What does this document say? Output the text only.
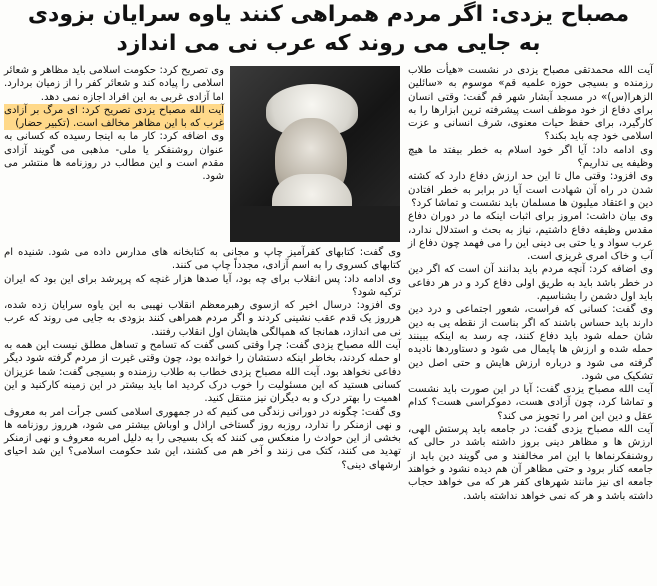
مصباح یزدی: اگر مردم همراهی کنند یاوه سرایان بزودی
به جایی می روند که عرب نی می اندازد

آیت الله محمدتقی مصباح یزدی در نشست «هیأت طلاب رزمنده و بسیجی حوزه علمیه قم» موسوم به «سائلین الزهرا(س)» در مسجد آبشار شهر قم گفت: وقتی انسان برای دفاع از خود موظف است پیشرفته ترین ابزارها را به کارگیرد، برای حفظ حیات معنوی، شرف انسانی و عزت اسلامی خود چه باید بکند؟

وی ادامه داد: آیا اگر خود اسلام به خطر بیفتد ما هیچ وظیفه یی نداریم؟

وی افزود: وقتی مال تا این حد ارزش دفاع دارد که کشته شدن در راه آن شهادت است آیا در برابر به خطر افتادن دین و اعتقاد میلیون ها مسلمان باید نشست و تماشا کرد؟

وی بیان داشت: امروز برای اثبات اینکه ما در دوران دفاع مقدس وظیفه دفاع داشتیم، نیاز به بحث و استدلال ندارد، عرب سواد و یا حتی بی دینی این را می فهمد چون دفاع از آب و خاک امری غریزی است.

وی اضافه کرد: آنچه مردم باید بدانند آن است که اگر دین در خطر باشد باید به طریق اولی دفاع کرد و در هر دفاعی باید اول دشمن را بشناسیم.

وی گفت: کسانی که فراست، شعور اجتماعی و درد دین دارند باید حساس باشند که اگر بناست از نقطه یی به دین شان حمله شود باید دفاع کنند، چه رسد به اینکه ببینند حمله شده و ارزش ها پایمال می شود و دستاوردها نادیده گرفته می شود و درباره ارزش هایش و حتی اصل دین تشکیک می شود.

آیت الله مصباح یزدی گفت: آیا در این صورت باید نشست و تماشا کرد، چون آزادی هست، دموکراسی هست؟ کدام عقل و دین این امر را تجویز می کند؟

آیت الله مصباح یزدی گفت: در جامعه باید پرستش الهی، ارزش ها و مظاهر دینی بروز داشته باشد در حالی که روشنفکرنماها با این امر مخالفند و می گویند دین باید از جامعه کنار برود و حتی مظاهر آن هم دیده نشود و خواهند جامعه ای نیز مانند شهرهای کفر هر که می خواهد حجاب داشته باشد و هر که نمی خواهد نداشته باشد.

وی تصریح کرد: حکومت اسلامی باید مظاهر و شعائر اسلامی را پیاده کند و شعائر کفر را از زمیان بردارد. اما آزادی غربی به این افراد اجازه نمی دهد.

آیت الله مصباح یزدی تصریح کرد: ای مرگ بر آزادی غرب که با این مظاهر مخالف است. (تکبیر حضار)

وی اضافه کرد: کار ما به اینجا رسیده که کسانی به عنوان روشنفکر یا ملی- مذهبی می گویند آزادی مقدم است و این مطالب در روزنامه ها منتشر می شود.

وی گفت: کتابهای کفرآمیز چاپ و مجانی به کتابخانه های مدارس داده می شود. شنیده ام کتابهای کسروی را به اسم آزادی، مجدداً چاپ می کنند.

وی ادامه داد: پس انقلاب برای چه بود، آیا صدها هزار غنچه که پرپرشد برای این بود که ایران ترکیه شود؟

وی افزود: درسال اخیر که ازسوی رهبرمعظم انقلاب نهیبی به این یاوه سرایان زده شده، هرروز یک قدم عقب نشینی کردند و اگر مردم همراهی کنند بزودی به جایی می روند که عرب نی می اندازد، همانجا که همپالگی هایشان اول انقلاب رفتند.

آیت الله مصباح یزدی گفت: چرا وقتی کسی گفت که تسامح و تساهل مطلق نیست این همه به او حمله کردند، بخاطر اینکه دستشان را خوانده بود، چون وقتی غیرت از مردم گرفته شود دیگر دفاعی نخواهد بود. آیت الله مصباح یزدی خطاب به طلاب رزمنده و بسیجی گفت: شما عزیزان کسانی هستید که این مسئولیت را خوب درک کردید اما باید بیشتر در این زمینه کارکنید و این اهمیت را بهتر درک و به دیگران نیز منتقل کنید.

وی گفت: چگونه در دورانی زندگی می کنیم که در جمهوری اسلامی کسی جرأت امر به معروف و نهی ازمنکر را ندارد، روزبه روز گستاخی اراذل و اوباش بیشتر می شود، هرروز روزنامه ها بخشی از این حوادث را منعکس می کنند که یک بسیجی را به دلیل امربه معروف و نهی ازمنکر تهدید می کنند، کتک می زنند و آخر هم می کشند، این شد حکومت اسلامی؟ این شد احیای ارشهای دینی؟
